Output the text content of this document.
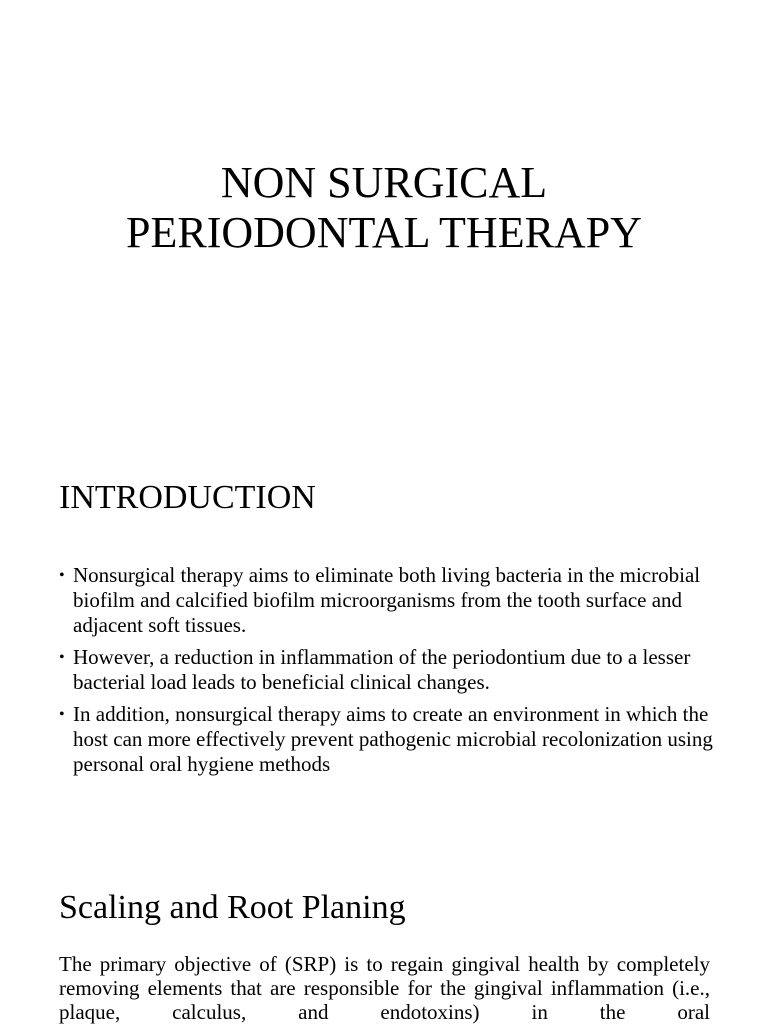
NON SURGICAL
PERIODONTAL THERAPY
INTRODUCTION
• Nonsurgical therapy aims to eliminate both living bacteria in the microbial biofilm and calcified biofilm microorganisms from the tooth surface and adjacent soft tissues.
• However, a reduction in inflammation of the periodontium due to a lesser bacterial load leads to beneficial clinical changes.
• In addition, nonsurgical therapy aims to create an environment in which the host can more effectively prevent pathogenic microbial recolonization using personal oral hygiene methods
Scaling and Root Planing

The primary objective of (SRP) is to regain gingival health by completely removing elements that are responsible for the gingival inflammation (i.e., plaque, calculus, and endotoxins) in the oral
